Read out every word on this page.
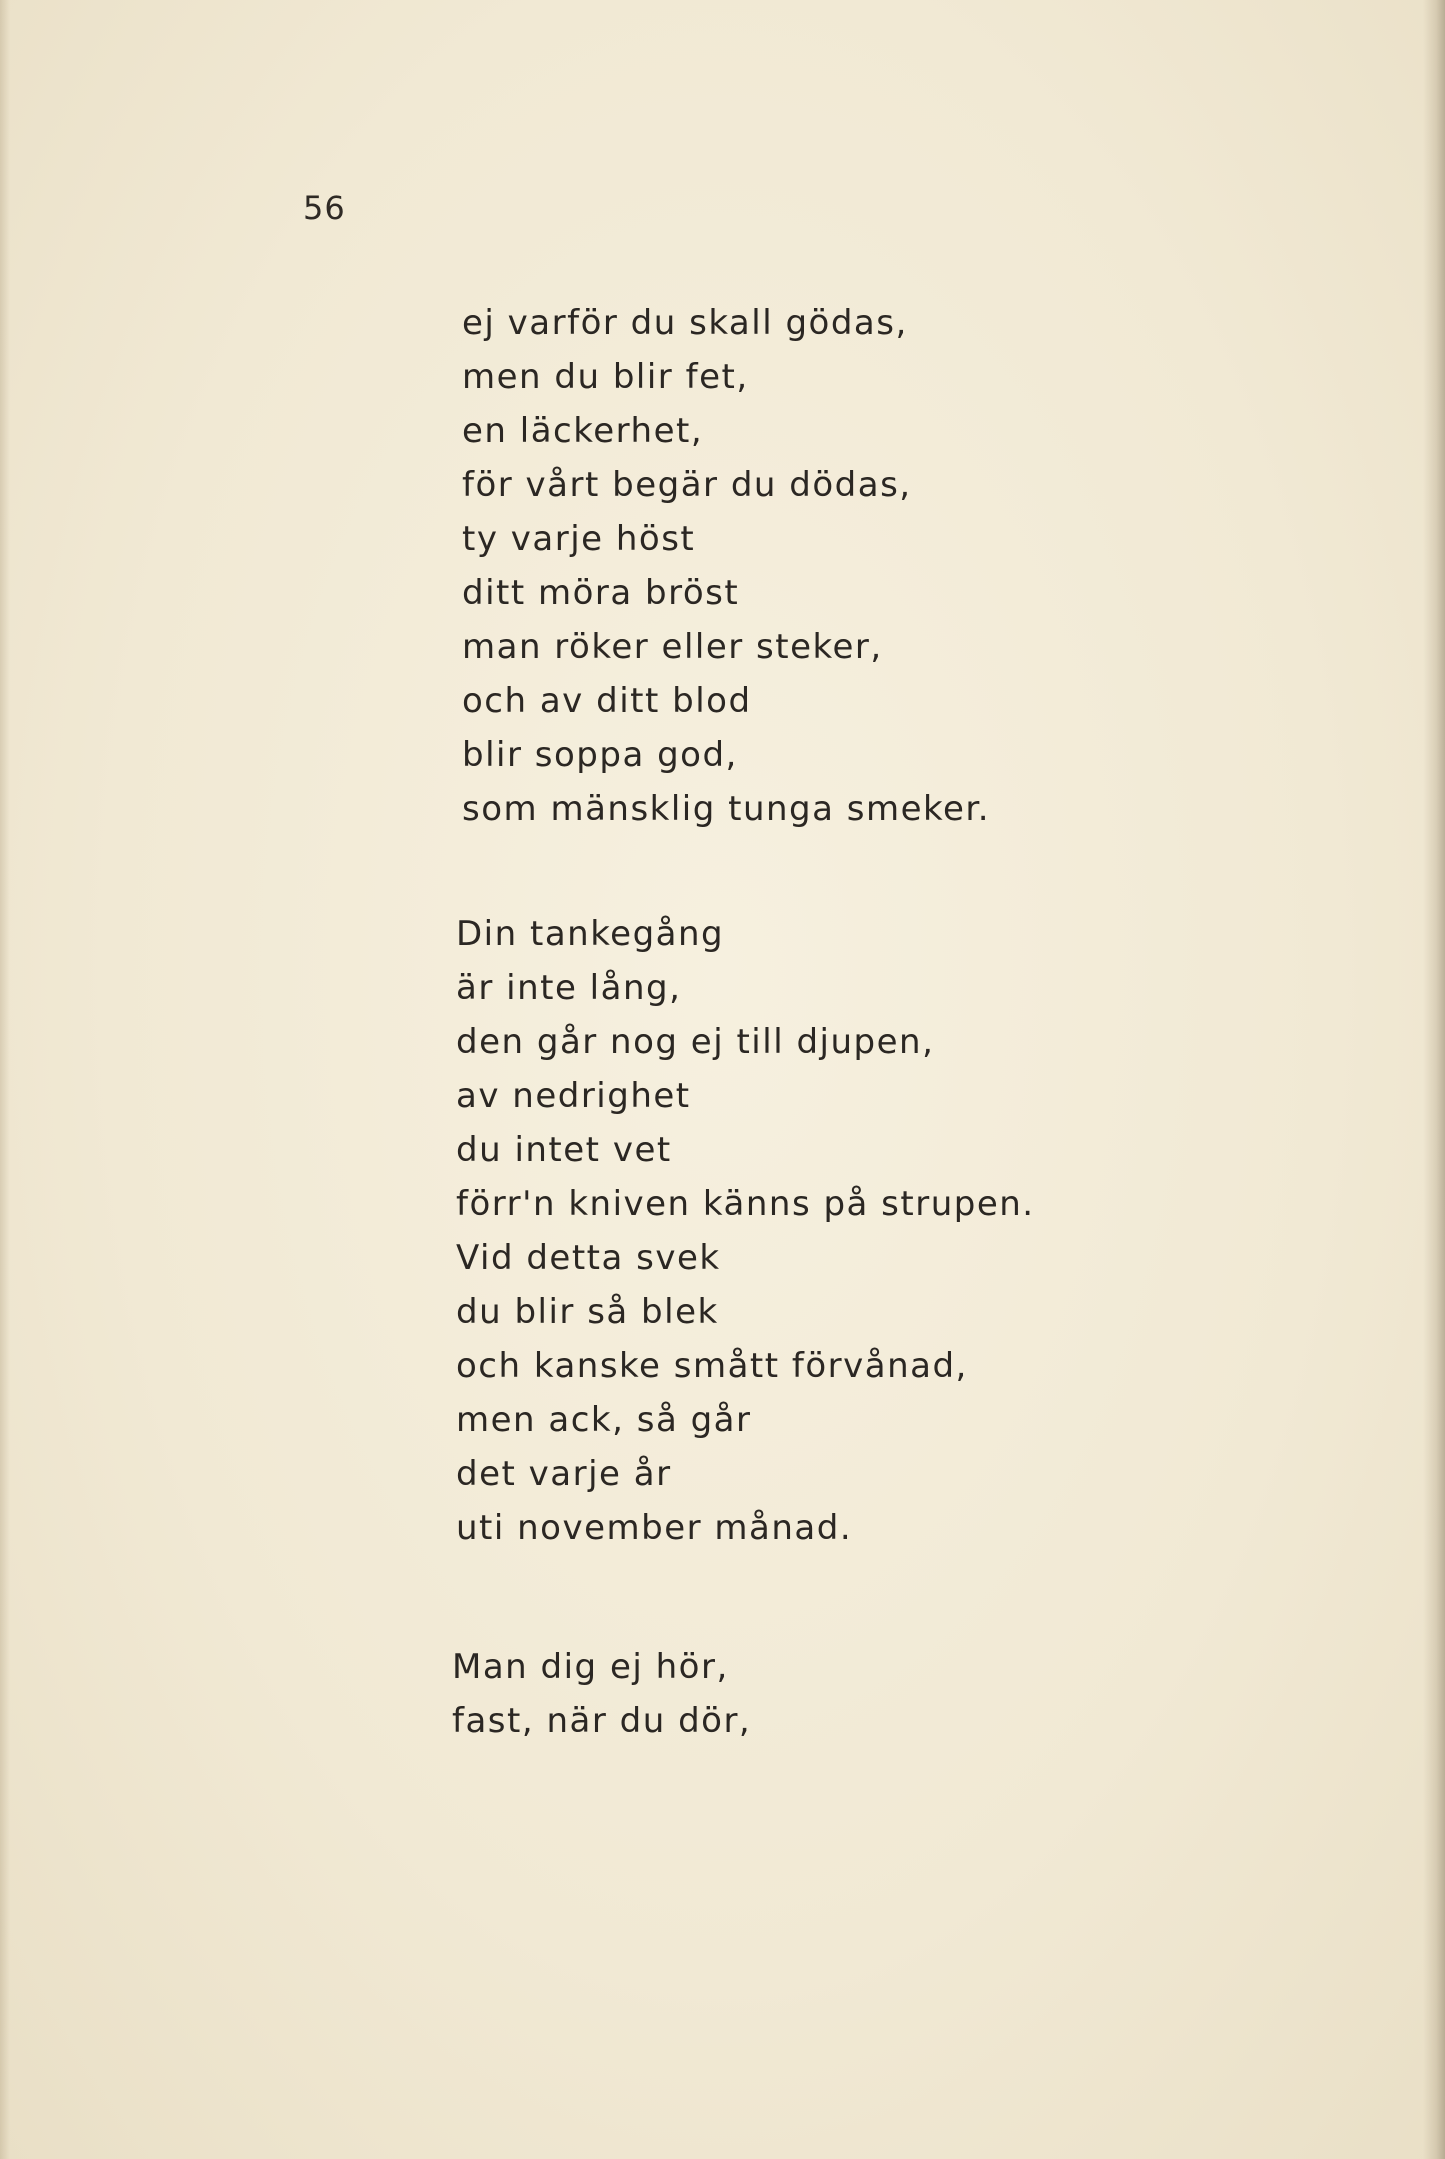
56
ej varför du skall gödas,
men du blir fet,
en läckerhet,
för vårt begär du dödas,
ty varje höst
ditt möra bröst
man röker eller steker,
och av ditt blod
blir soppa god,
som mänsklig tunga smeker.
Din tankegång
är inte lång,
den går nog ej till djupen,
av nedrighet
du intet vet
förr'n kniven känns på strupen.
Vid detta svek
du blir så blek
och kanske smått förvånad,
men ack, så går
det varje år
uti november månad.
Man dig ej hör,
fast, när du dör,
